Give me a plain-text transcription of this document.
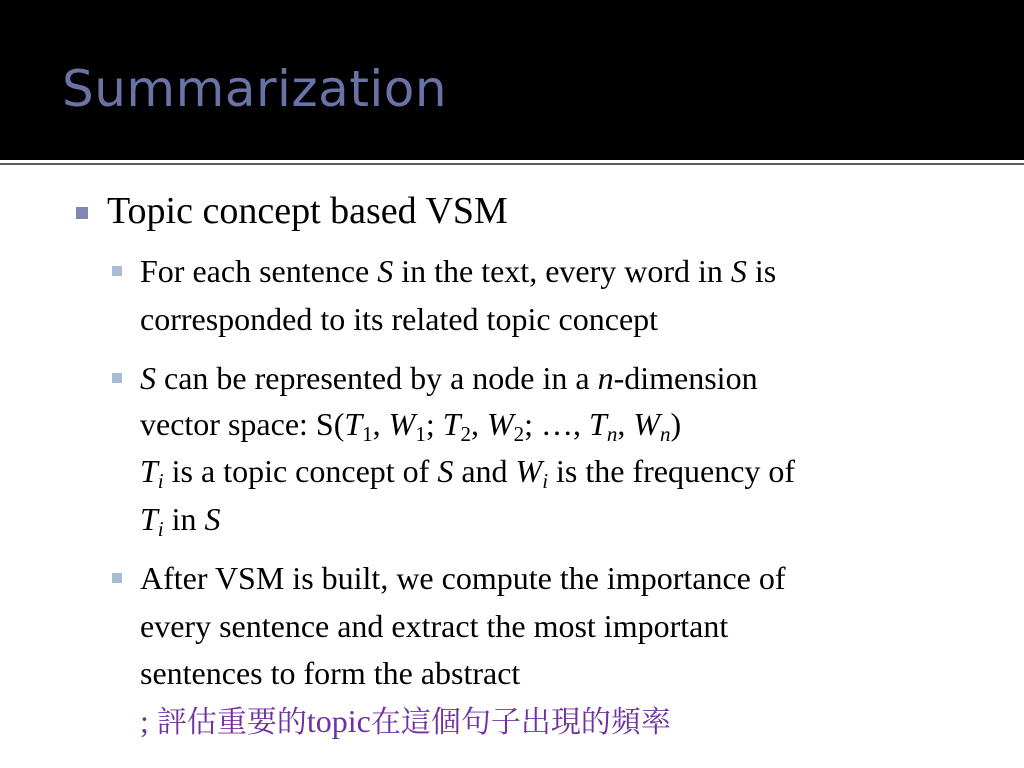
Summarization
Topic concept based VSM
For each sentence S in the text, every word in S is
corresponded to its related topic concept
S can be represented by a node in a n-dimension
vector space: $S(T_1$, $W_1$; $T_2$, $W_2$; …, $T_n$, $W_n$)
$T_i$ is a topic concept of S and $W_i$ is the frequency of
$T_i$ in S
After VSM is built, we compute the importance of
every sentence and extract the most important
sentences to form the abstract
; 評估重要的topic在這個句子出現的頻率
